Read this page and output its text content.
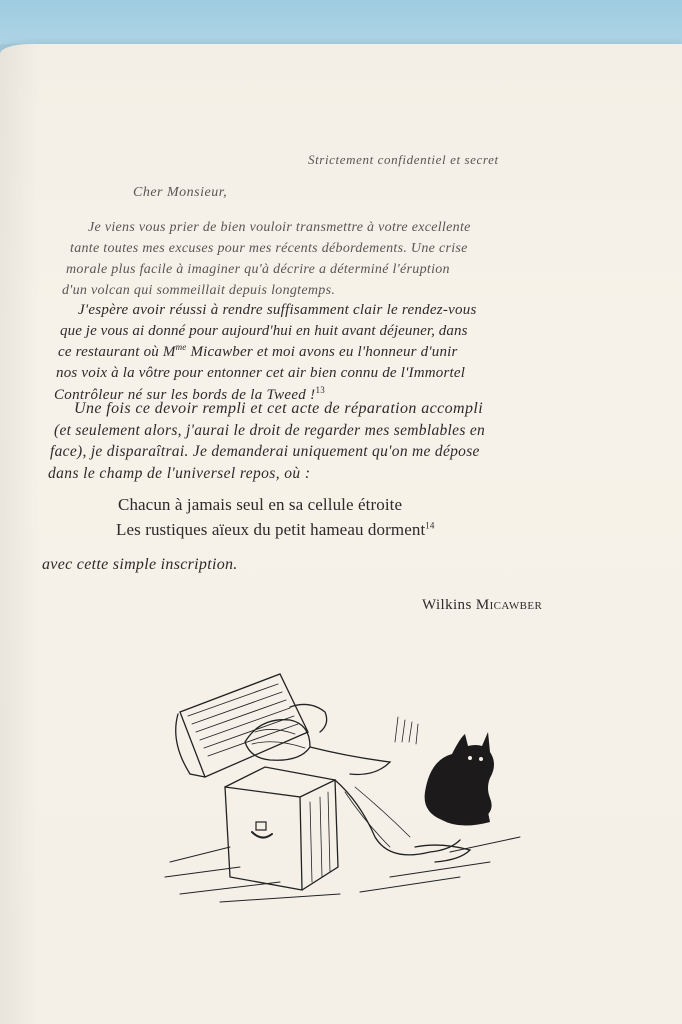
Strictement confidentiel et secret

Cher Monsieur,

Je viens vous prier de bien vouloir transmettre à votre excellente

tante toutes mes excuses pour mes récents débordements. Une crise

morale plus facile à imaginer qu'à décrire a déterminé l'éruption

d'un volcan qui sommeillait depuis longtemps.

J'espère avoir réussi à rendre suffisamment clair le rendez-vous

que je vous ai donné pour aujourd'hui en huit avant déjeuner, dans

ce restaurant où $M^{me}$ Micawber et moi avons eu l'honneur d'unir

nos voix à la vôtre pour entonner cet air bien connu de l'Immortel

Contrôleur né sur les bords de la Tweed !$^{13}$

Une fois ce devoir rempli et cet acte de réparation accompli

(et seulement alors, j'aurai le droit de regarder mes semblables en

face), je disparaîtrai. Je demanderai uniquement qu'on me dépose

dans le champ de l'universel repos, où :

Chacun à jamais seul en sa cellule étroite

Les rustiques aïeux du petit hameau dorment$^{14}$

avec cette simple inscription.

Wilkins Micawber
